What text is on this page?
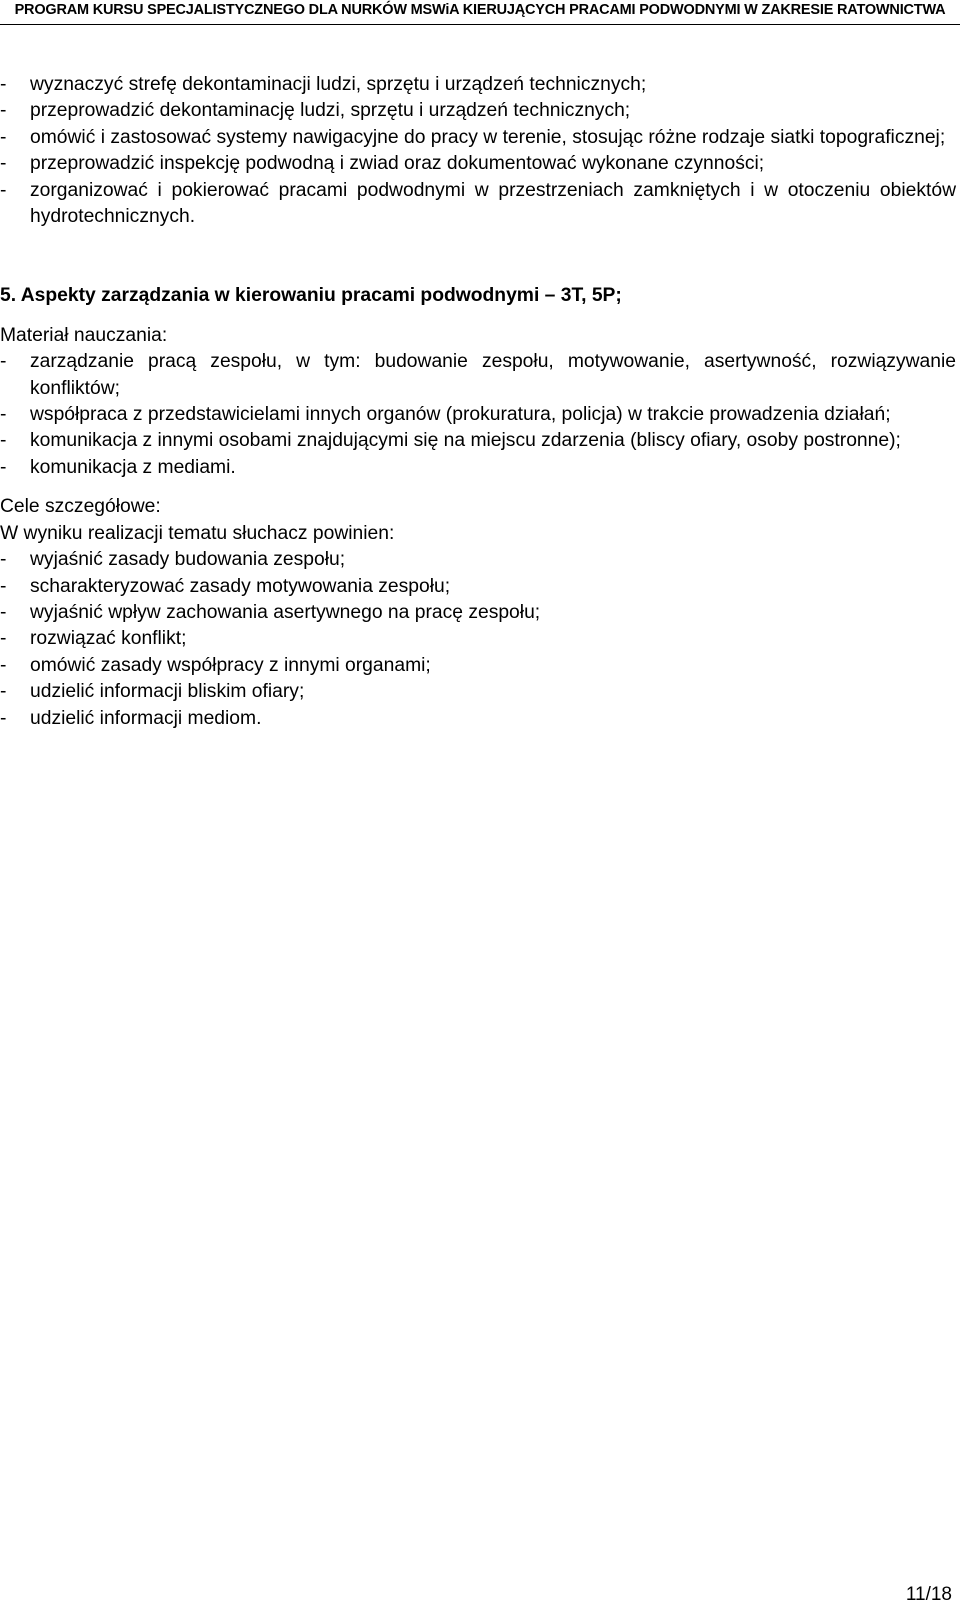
PROGRAM KURSU SPECJALISTYCZNEGO DLA NURKÓW MSWiA KIERUJĄCYCH PRACAMI PODWODNYMI W ZAKRESIE RATOWNICTWA
- wyznaczyć strefę dekontaminacji ludzi, sprzętu i urządzeń technicznych;
- przeprowadzić dekontaminację ludzi, sprzętu i urządzeń technicznych;
- omówić i zastosować systemy nawigacyjne do pracy w terenie, stosując różne rodzaje siatki topograficznej;
- przeprowadzić inspekcję podwodną i zwiad oraz dokumentować wykonane czynności;
- zorganizować i pokierować pracami podwodnymi w przestrzeniach zamkniętych i w otoczeniu obiektów hydrotechnicznych.
5. Aspekty zarządzania w kierowaniu pracami podwodnymi – 3T, 5P;
Materiał nauczania:
- zarządzanie pracą zespołu, w tym: budowanie zespołu, motywowanie, asertywność, rozwiązywanie konfliktów;
- współpraca z przedstawicielami innych organów (prokuratura, policja) w trakcie prowadzenia działań;
- komunikacja z innymi osobami znajdującymi się na miejscu zdarzenia (bliscy ofiary, osoby postronne);
- komunikacja z mediami.
Cele szczegółowe:
W wyniku realizacji tematu słuchacz powinien:
- wyjaśnić zasady budowania zespołu;
- scharakteryzować zasady motywowania zespołu;
- wyjaśnić wpływ zachowania asertywnego na pracę zespołu;
- rozwiązać konflikt;
- omówić zasady współpracy z innymi organami;
- udzielić informacji bliskim ofiary;
- udzielić informacji mediom.
11/18
